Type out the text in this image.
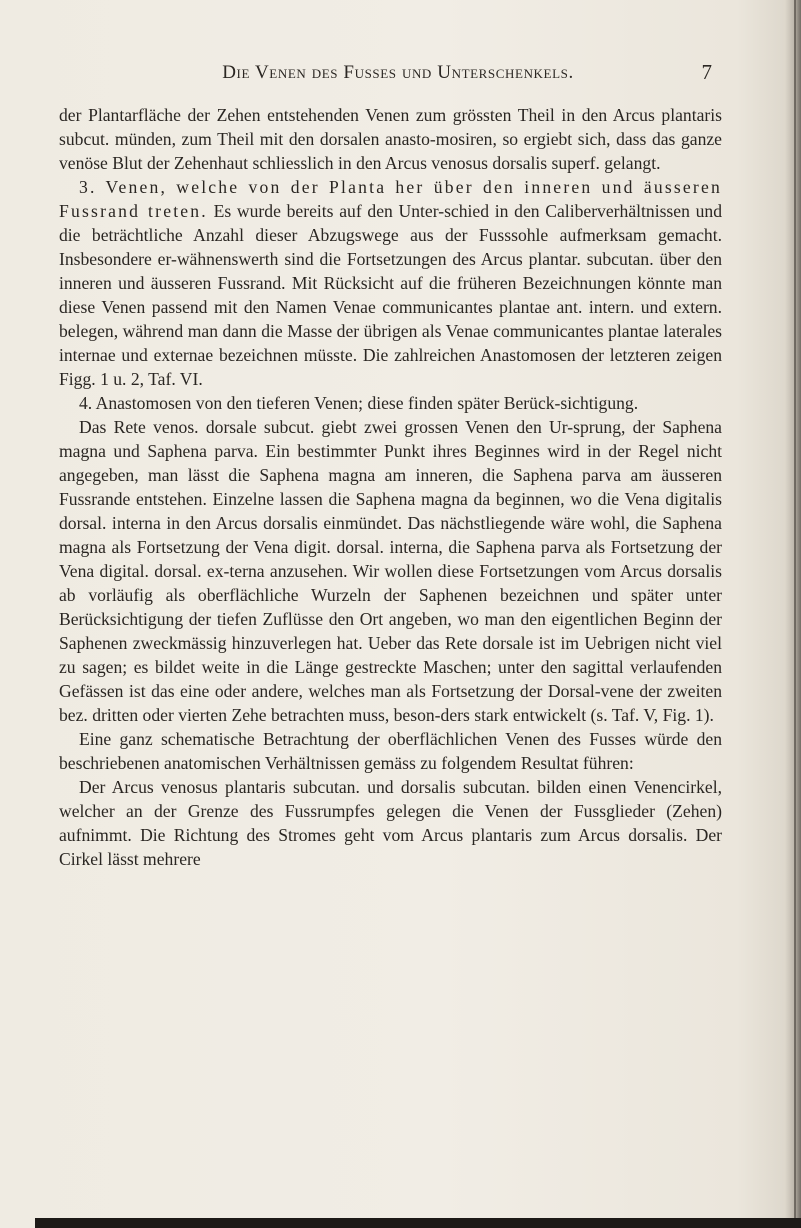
Die Venen des Fusses und Unterschenkels.	7

der Plantarfläche der Zehen entstehenden Venen zum grössten Theil in den Arcus plantaris subcut. münden, zum Theil mit den dorsalen anasto-mosiren, so ergiebt sich, dass das ganze venöse Blut der Zehenhaut schliesslich in den Arcus venosus dorsalis superf. gelangt.

3. Venen, welche von der Planta her über den inneren und äusseren Fussrand treten. Es wurde bereits auf den Unter-schied in den Caliberverhältnissen und die beträchtliche Anzahl dieser Abzugswege aus der Fusssohle aufmerksam gemacht. Insbesondere er-wähnenswerth sind die Fortsetzungen des Arcus plantar. subcutan. über den inneren und äusseren Fussrand. Mit Rücksicht auf die früheren Bezeichnungen könnte man diese Venen passend mit den Namen Venae communicantes plantae ant. intern. und extern. belegen, während man dann die Masse der übrigen als Venae communicantes plantae laterales internae und externae bezeichnen müsste. Die zahlreichen Anastomosen der letzteren zeigen Figg. 1 u. 2, Taf. VI.

4. Anastomosen von den tieferen Venen; diese finden später Berück-sichtigung.

Das Rete venos. dorsale subcut. giebt zwei grossen Venen den Ur-sprung, der Saphena magna und Saphena parva. Ein bestimmter Punkt ihres Beginnes wird in der Regel nicht angegeben, man lässt die Saphena magna am inneren, die Saphena parva am äusseren Fussrande entstehen. Einzelne lassen die Saphena magna da beginnen, wo die Vena digitalis dorsal. interna in den Arcus dorsalis einmündet. Das nächstliegende wäre wohl, die Saphena magna als Fortsetzung der Vena digit. dorsal. interna, die Saphena parva als Fortsetzung der Vena digital. dorsal. ex-terna anzusehen. Wir wollen diese Fortsetzungen vom Arcus dorsalis ab vorläufig als oberflächliche Wurzeln der Saphenen bezeichnen und später unter Berücksichtigung der tiefen Zuflüsse den Ort angeben, wo man den eigentlichen Beginn der Saphenen zweckmässig hinzuverlegen hat. Ueber das Rete dorsale ist im Uebrigen nicht viel zu sagen; es bildet weite in die Länge gestreckte Maschen; unter den sagittal verlaufenden Gefässen ist das eine oder andere, welches man als Fortsetzung der Dorsal-vene der zweiten bez. dritten oder vierten Zehe betrachten muss, beson-ders stark entwickelt (s. Taf. V, Fig. 1).

Eine ganz schematische Betrachtung der oberflächlichen Venen des Fusses würde den beschriebenen anatomischen Verhältnissen gemäss zu folgendem Resultat führen:

Der Arcus venosus plantaris subcutan. und dorsalis subcutan. bilden einen Venencirkel, welcher an der Grenze des Fussrumpfes gelegen die Venen der Fussglieder (Zehen) aufnimmt. Die Richtung des Stromes geht vom Arcus plantaris zum Arcus dorsalis. Der Cirkel lässt mehrere
